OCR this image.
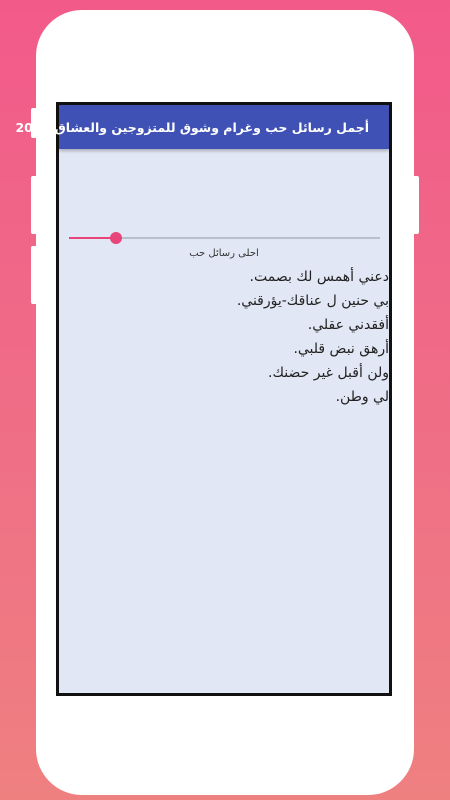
أجمل رسائل حب وغرام وشوق للمتزوجين والعشاق 2019
احلى رسائل حب
دعني أهمس لك بصمت.
بي حنين ل عناقك-يؤرقني.
أفقدني عقلي.
أرهق نبض قلبي.
ولن أقبل غير حضنك.
لي وطن.
